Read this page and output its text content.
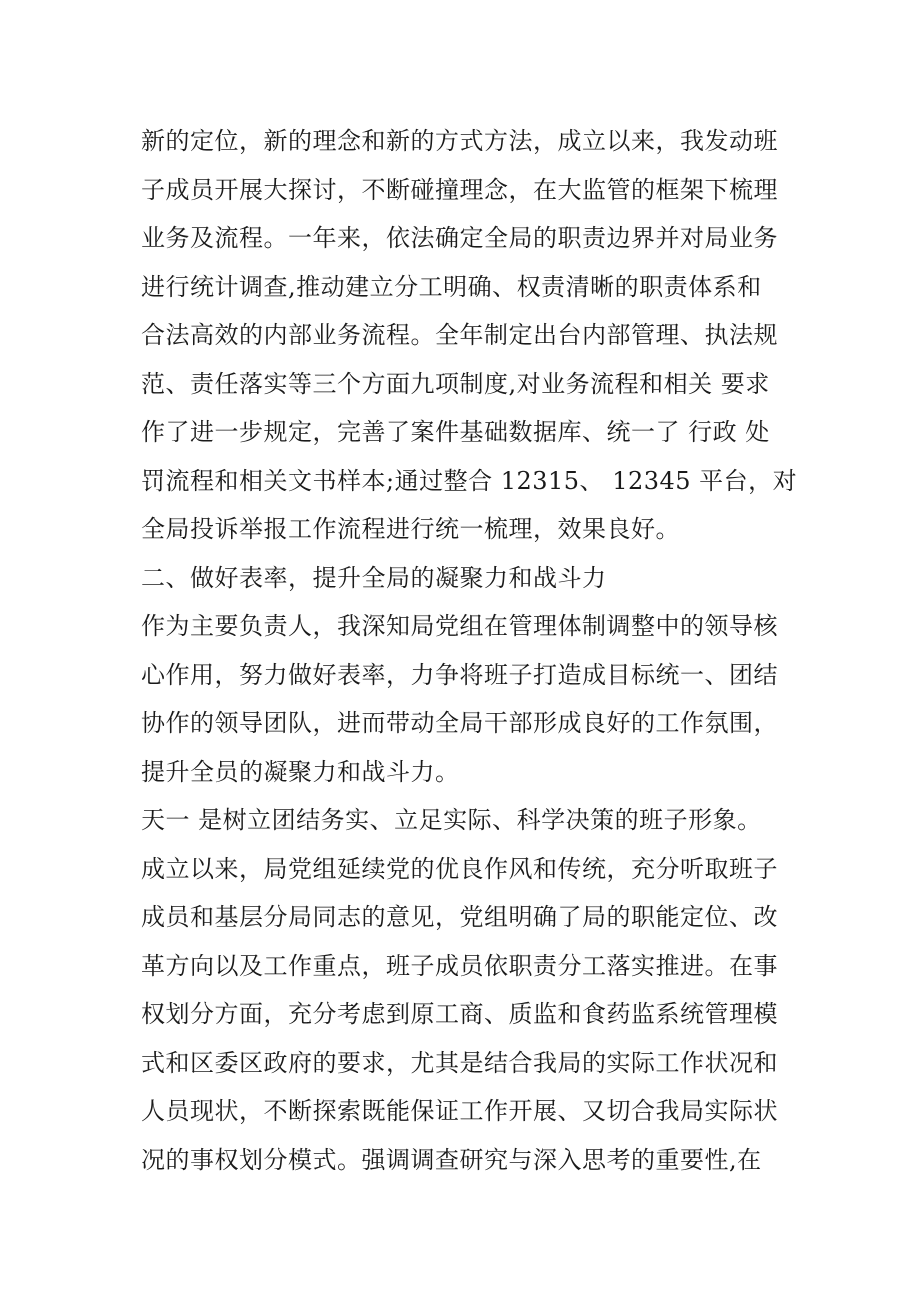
新的定位，新的理念和新的方式方法，成立以来，我发动班
子成员开展大探讨，不断碰撞理念，在大监管的框架下梳理
业务及流程。一年来，依法确定全局的职责边界并对局业务
进行统计调查,推动建立分工明确、权责清晰的职责体系和
合法高效的内部业务流程。全年制定出台内部管理、执法规
范、责任落实等三个方面九项制度,对业务流程和相关 要求
作了进一步规定，完善了案件基础数据库、统一了 行政 处
罚流程和相关文书样本;通过整合 12315、 12345 平台，对
全局投诉举报工作流程进行统一梳理，效果良好。
二、做好表率，提升全局的凝聚力和战斗力
作为主要负责人，我深知局党组在管理体制调整中的领导核
心作用，努力做好表率，力争将班子打造成目标统一、团结
协作的领导团队，进而带动全局干部形成良好的工作氛围，
提升全员的凝聚力和战斗力。
天一 是树立团结务实、立足实际、科学决策的班子形象。
成立以来，局党组延续党的优良作风和传统，充分听取班子
成员和基层分局同志的意见，党组明确了局的职能定位、改
革方向以及工作重点，班子成员依职责分工落实推进。在事
权划分方面，充分考虑到原工商、质监和食药监系统管理模
式和区委区政府的要求，尤其是结合我局的实际工作状况和
人员现状，不断探索既能保证工作开展、又切合我局实际状
况的事权划分模式。强调调查研究与深入思考的重要性,在
